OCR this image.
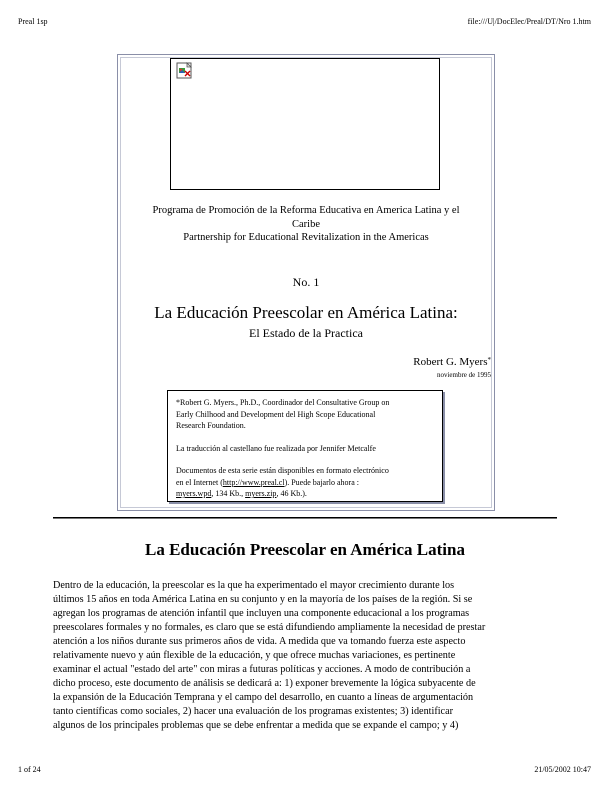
Preal 1sp	file:///U|/DocElec/Preal/DT/Nro 1.htm
Programa de Promoción de la Reforma Educativa en America Latina y el
Caribe
Partnership for Educational Revitalization in the Americas
No. 1
La Educación Preescolar en América Latina:
El Estado de la Practica
Robert G. Myers*
noviembre de 1995
*Robert G. Myers., Ph.D., Coordinador del Consultative Group on
Early Chilhood and Development del High Scope Educational
Research Foundation.
La traducción al castellano fue realizada por Jennifer Metcalfe
Documentos de esta serie están disponibles en formato electrónico
en el Internet (http://www.preal.cl). Puede bajarlo ahora :
myers.wpd, 134 Kb., myers.zip, 46 Kb.).
La Educación Preescolar en América Latina
Dentro de la educación, la preescolar es la que ha experimentado el mayor crecimiento durante los
últimos 15 años en toda América Latina en su conjunto y en la mayoría de los países de la región. Si se
agregan los programas de atención infantil que incluyen una componente educacional a los programas
preescolares formales y no formales, es claro que se está difundiendo ampliamente la necesidad de prestar
atención a los niños durante sus primeros años de vida. A medida que va tomando fuerza este aspecto
relativamente nuevo y aún flexible de la educación, y que ofrece muchas variaciones, es pertinente
examinar el actual "estado del arte" con miras a futuras políticas y acciones. A modo de contribución a
dicho proceso, este documento de análisis se dedicará a: 1) exponer brevemente la lógica subyacente de
la expansión de la Educación Temprana y el campo del desarrollo, en cuanto a líneas de argumentación
tanto científicas como sociales, 2) hacer una evaluación de los programas existentes; 3) identificar
algunos de los principales problemas que se debe enfrentar a medida que se expande el campo; y 4)
1 of 24	21/05/2002 10:47
